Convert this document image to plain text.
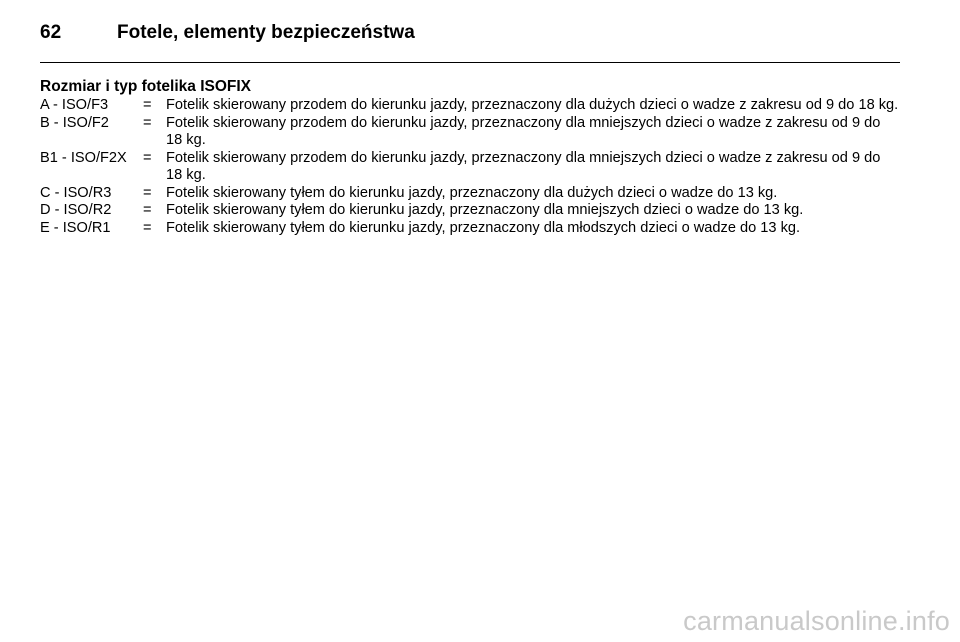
62	Fotele, elementy bezpieczeństwa
Rozmiar i typ fotelika ISOFIX
A - ISO/F3	= Fotelik skierowany przodem do kierunku jazdy, przeznaczony dla dużych dzieci o wadze z zakresu od 9 do 18 kg.
B - ISO/F2	= Fotelik skierowany przodem do kierunku jazdy, przeznaczony dla mniejszych dzieci o wadze z zakresu od 9 do 18 kg.
B1 - ISO/F2X	= Fotelik skierowany przodem do kierunku jazdy, przeznaczony dla mniejszych dzieci o wadze z zakresu od 9 do 18 kg.
C - ISO/R3	= Fotelik skierowany tyłem do kierunku jazdy, przeznaczony dla dużych dzieci o wadze do 13 kg.
D - ISO/R2	= Fotelik skierowany tyłem do kierunku jazdy, przeznaczony dla mniejszych dzieci o wadze do 13 kg.
E - ISO/R1	= Fotelik skierowany tyłem do kierunku jazdy, przeznaczony dla młodszych dzieci o wadze do 13 kg.
carmanualsonline.info
